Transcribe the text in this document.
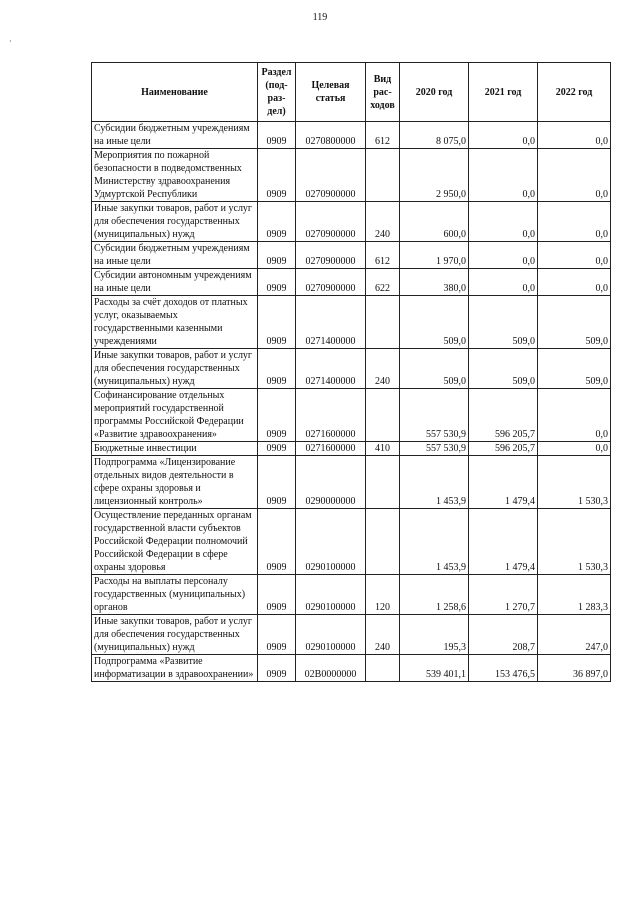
119
·
Наименование	Раздел (под- раз- дел)	Целевая статья	Вид рас- ходов	2020 год	2021 год	2022 год
Субсидии бюджетным учреждениям на иные цели	0909	0270800000	612	8 075,0	0,0	0,0
Мероприятия по пожарной безопасности в подведомственных Министерству здравоохранения Удмуртской Республики	0909	0270900000		2 950,0	0,0	0,0
Иные закупки товаров, работ и услуг для обеспечения государственных (муниципальных) нужд	0909	0270900000	240	600,0	0,0	0,0
Субсидии бюджетным учреждениям на иные цели	0909	0270900000	612	1 970,0	0,0	0,0
Субсидии автономным учреждениям на иные цели	0909	0270900000	622	380,0	0,0	0,0
Расходы за счёт доходов от платных услуг, оказываемых государственными казенными учреждениями	0909	0271400000		509,0	509,0	509,0
Иные закупки товаров, работ и услуг для обеспечения государственных (муниципальных) нужд	0909	0271400000	240	509,0	509,0	509,0
Софинансирование отдельных мероприятий государственной программы Российской Федерации «Развитие здравоохранения»	0909	0271600000		557 530,9	596 205,7	0,0
Бюджетные инвестиции	0909	0271600000	410	557 530,9	596 205,7	0,0
Подпрограмма «Лицензирование отдельных видов деятельности в сфере охраны здоровья и лицензионный контроль»	0909	0290000000		1 453,9	1 479,4	1 530,3
Осуществление переданных органам государственной власти субъектов Российской Федерации полномочий Российской Федерации в сфере охраны здоровья	0909	0290100000		1 453,9	1 479,4	1 530,3
Расходы на выплаты персоналу государственных (муниципальных) органов	0909	0290100000	120	1 258,6	1 270,7	1 283,3
Иные закупки товаров, работ и услуг для обеспечения государственных (муниципальных) нужд	0909	0290100000	240	195,3	208,7	247,0
Подпрограмма «Развитие информатизации в здравоохранении»	0909	02В0000000		539 401,1	153 476,5	36 897,0
